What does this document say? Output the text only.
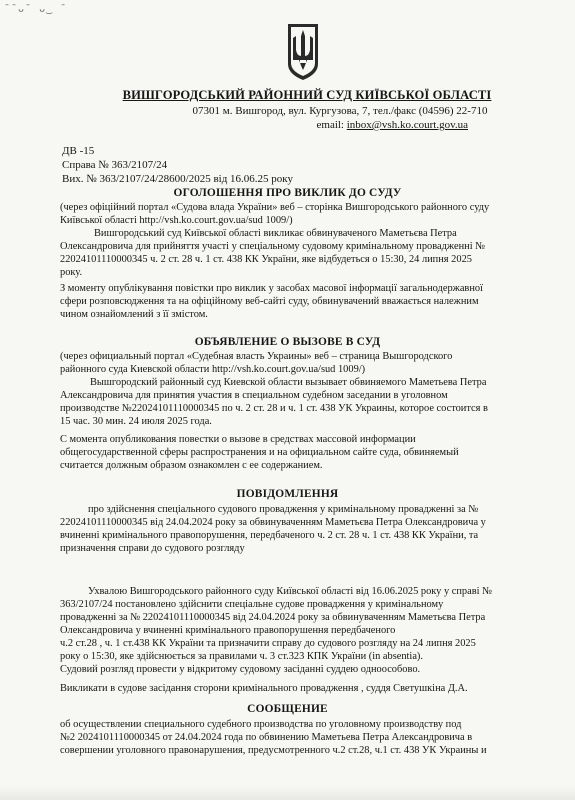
ˉˉᴗˉ ᴗ‿ ˉ
ВИШГОРОДСЬКИЙ РАЙОННИЙ СУД КИЇВСЬКОЇ ОБЛАСТІ
07301 м. Вишгород, вул. Кургузова, 7, тел./факс (04596) 22-710
email: inbox@vsh.ko.court.gov.ua
ДВ -15
Справа № 363/2107/24
Вих. № 363/2107/24/28600/2025 від 16.06.25 року
ОГОЛОШЕННЯ ПРО ВИКЛИК ДО СУДУ
(через офіційний портал «Судова влада України» веб – сторінка Вишгородського районного суду
Київської області http://vsh.ko.court.gov.ua/sud 1009/)
Вишгородський суд Київської області викликає обвинуваченого Маметьєва Петра
Олександровича для прийняття участі у спеціальному судовому кримінальному провадженні №
22024101110000345 ч. 2 ст. 28 ч. 1 ст. 438 КК України, яке відбудеться о 15:30, 24 липня 2025
року.
З моменту опублікування повістки про виклик у засобах масової інформації загальнодержавної
сфери розповсюдження та на офіційному веб-сайті суду, обвинувачений вважається належним
чином ознайомлений з її змістом.
ОБЪЯВЛЕНИЕ О ВЫЗОВЕ В СУД
(через официальный портал «Судебная власть Украины» веб – страница Вышгородского
районного суда Киевской области http://vsh.ko.court.gov.ua/sud 1009/)
Вышгородский районный суд Киевской области вызывает обвиняемого Маметьева Петра
Александровича для принятия участия в специальном судебном заседании в уголовном
производстве №22024101110000345 по ч. 2 ст. 28 и ч. 1 ст. 438 УК Украины, которое состоится в
15 час. 30 мин. 24 июля 2025 года.
С момента опубликования повестки о вызове в средствах массовой информации
общегосударственной сферы распространения и на официальном сайте суда, обвиняемый
считается должным образом ознакомлен с ее содержанием.
ПОВІДОМЛЕННЯ
про здійснення спеціального судового провадження у кримінальному провадженні за №
22024101110000345 від 24.04.2024 року за обвинуваченням Маметьєва Петра Олександровича у
вчиненні кримінального правопорушення, передбаченого ч. 2 ст. 28 ч. 1 ст. 438 КК України, та
призначення справи до судового розгляду
Ухвалою Вишгородського районного суду Київської області від 16.06.2025 року у справі №
363/2107/24 постановлено здійснити спеціальне судове провадження у кримінальному
провадженні за № 22024101110000345 від 24.04.2024 року за обвинуваченням Маметьєва Петра
Олександровича у вчиненні кримінального правопорушення передбаченого
ч.2 ст.28 , ч. 1 ст.438 КК України та призначити справу до судового розгляду на 24 липня 2025
року о 15:30, яке здійснюється за правилами ч. 3 ст.323 КПК України (in absentia).
Судовий розгляд провести у відкритому судовому засіданні суддею одноособово.
Викликати в судове засідання сторони кримінального провадження , суддя Светушкіна Д.А.
СООБЩЕНИЕ
об осуществлении специального судебного производства по уголовному производству под
№2 2024101110000345 от 24.04.2024 года по обвинению Маметьева Петра Александровича в
совершении уголовного правонарушения, предусмотренного ч.2 ст.28, ч.1 ст. 438 УК Украины и
